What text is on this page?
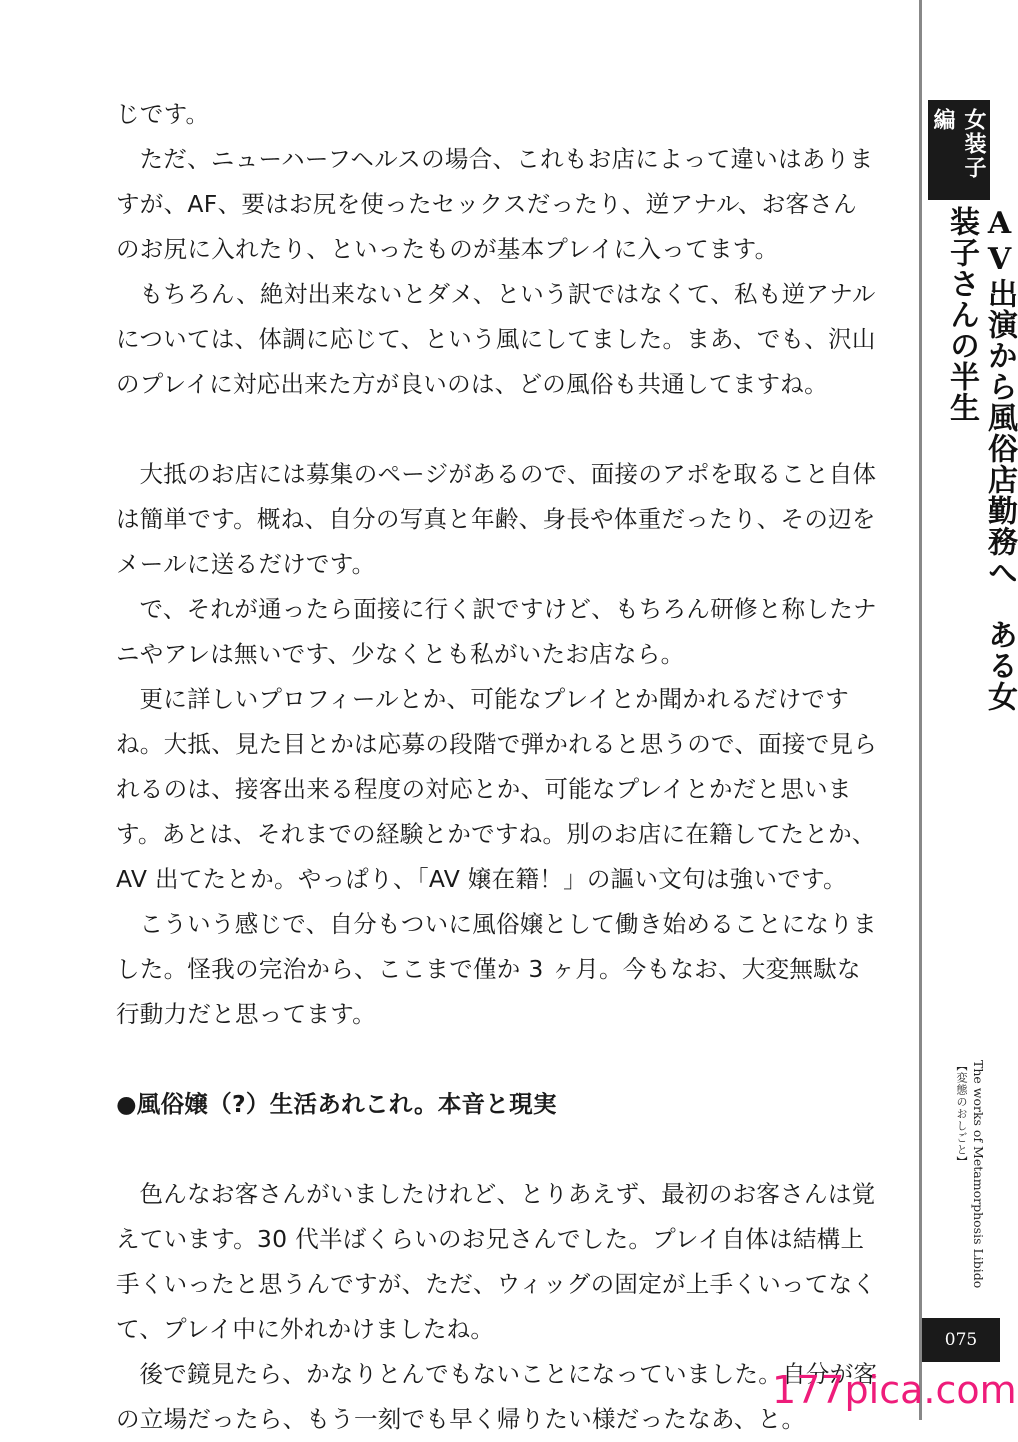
じです。

ただ、ニューハーフヘルスの場合、これもお店によって違いはありますが、AF、要はお尻を使ったセックスだったり、逆アナル、お客さんのお尻に入れたり、といったものが基本プレイに入ってます。

もちろん、絶対出来ないとダメ、という訳ではなくて、私も逆アナルについては、体調に応じて、という風にしてました。まあ、でも、沢山のプレイに対応出来た方が良いのは、どの風俗も共通してますね。

大抵のお店には募集のページがあるので、面接のアポを取ること自体は簡単です。概ね、自分の写真と年齢、身長や体重だったり、その辺をメールに送るだけです。

で、それが通ったら面接に行く訳ですけど、もちろん研修と称したナニやアレは無いです、少なくとも私がいたお店なら。

更に詳しいプロフィールとか、可能なプレイとか聞かれるだけですね。大抵、見た目とかは応募の段階で弾かれると思うので、面接で見られるのは、接客出来る程度の対応とか、可能なプレイとかだと思います。あとは、それまでの経験とかですね。別のお店に在籍してたとか、AV 出てたとか。やっぱり、「AV 嬢在籍！」の謳い文句は強いです。

こういう感じで、自分もついに風俗嬢として働き始めることになりました。怪我の完治から、ここまで僅か 3 ヶ月。今もなお、大変無駄な行動力だと思ってます。

●風俗嬢（?）生活あれこれ。本音と現実

色んなお客さんがいましたけれど、とりあえず、最初のお客さんは覚えています。30 代半ばくらいのお兄さんでした。プレイ自体は結構上手くいったと思うんですが、ただ、ウィッグの固定が上手くいってなくて、プレイ中に外れかけましたね。

後で鏡見たら、かなりとんでもないことになっていました。自分が客の立場だったら、もう一刻でも早く帰りたい様だったなあ、と。

女装子編
AV出演から風俗店勤務へ　ある女装子さんの半生
The works of Metamorphosis Libido
【変態のおしごと】
075
177pica.com
